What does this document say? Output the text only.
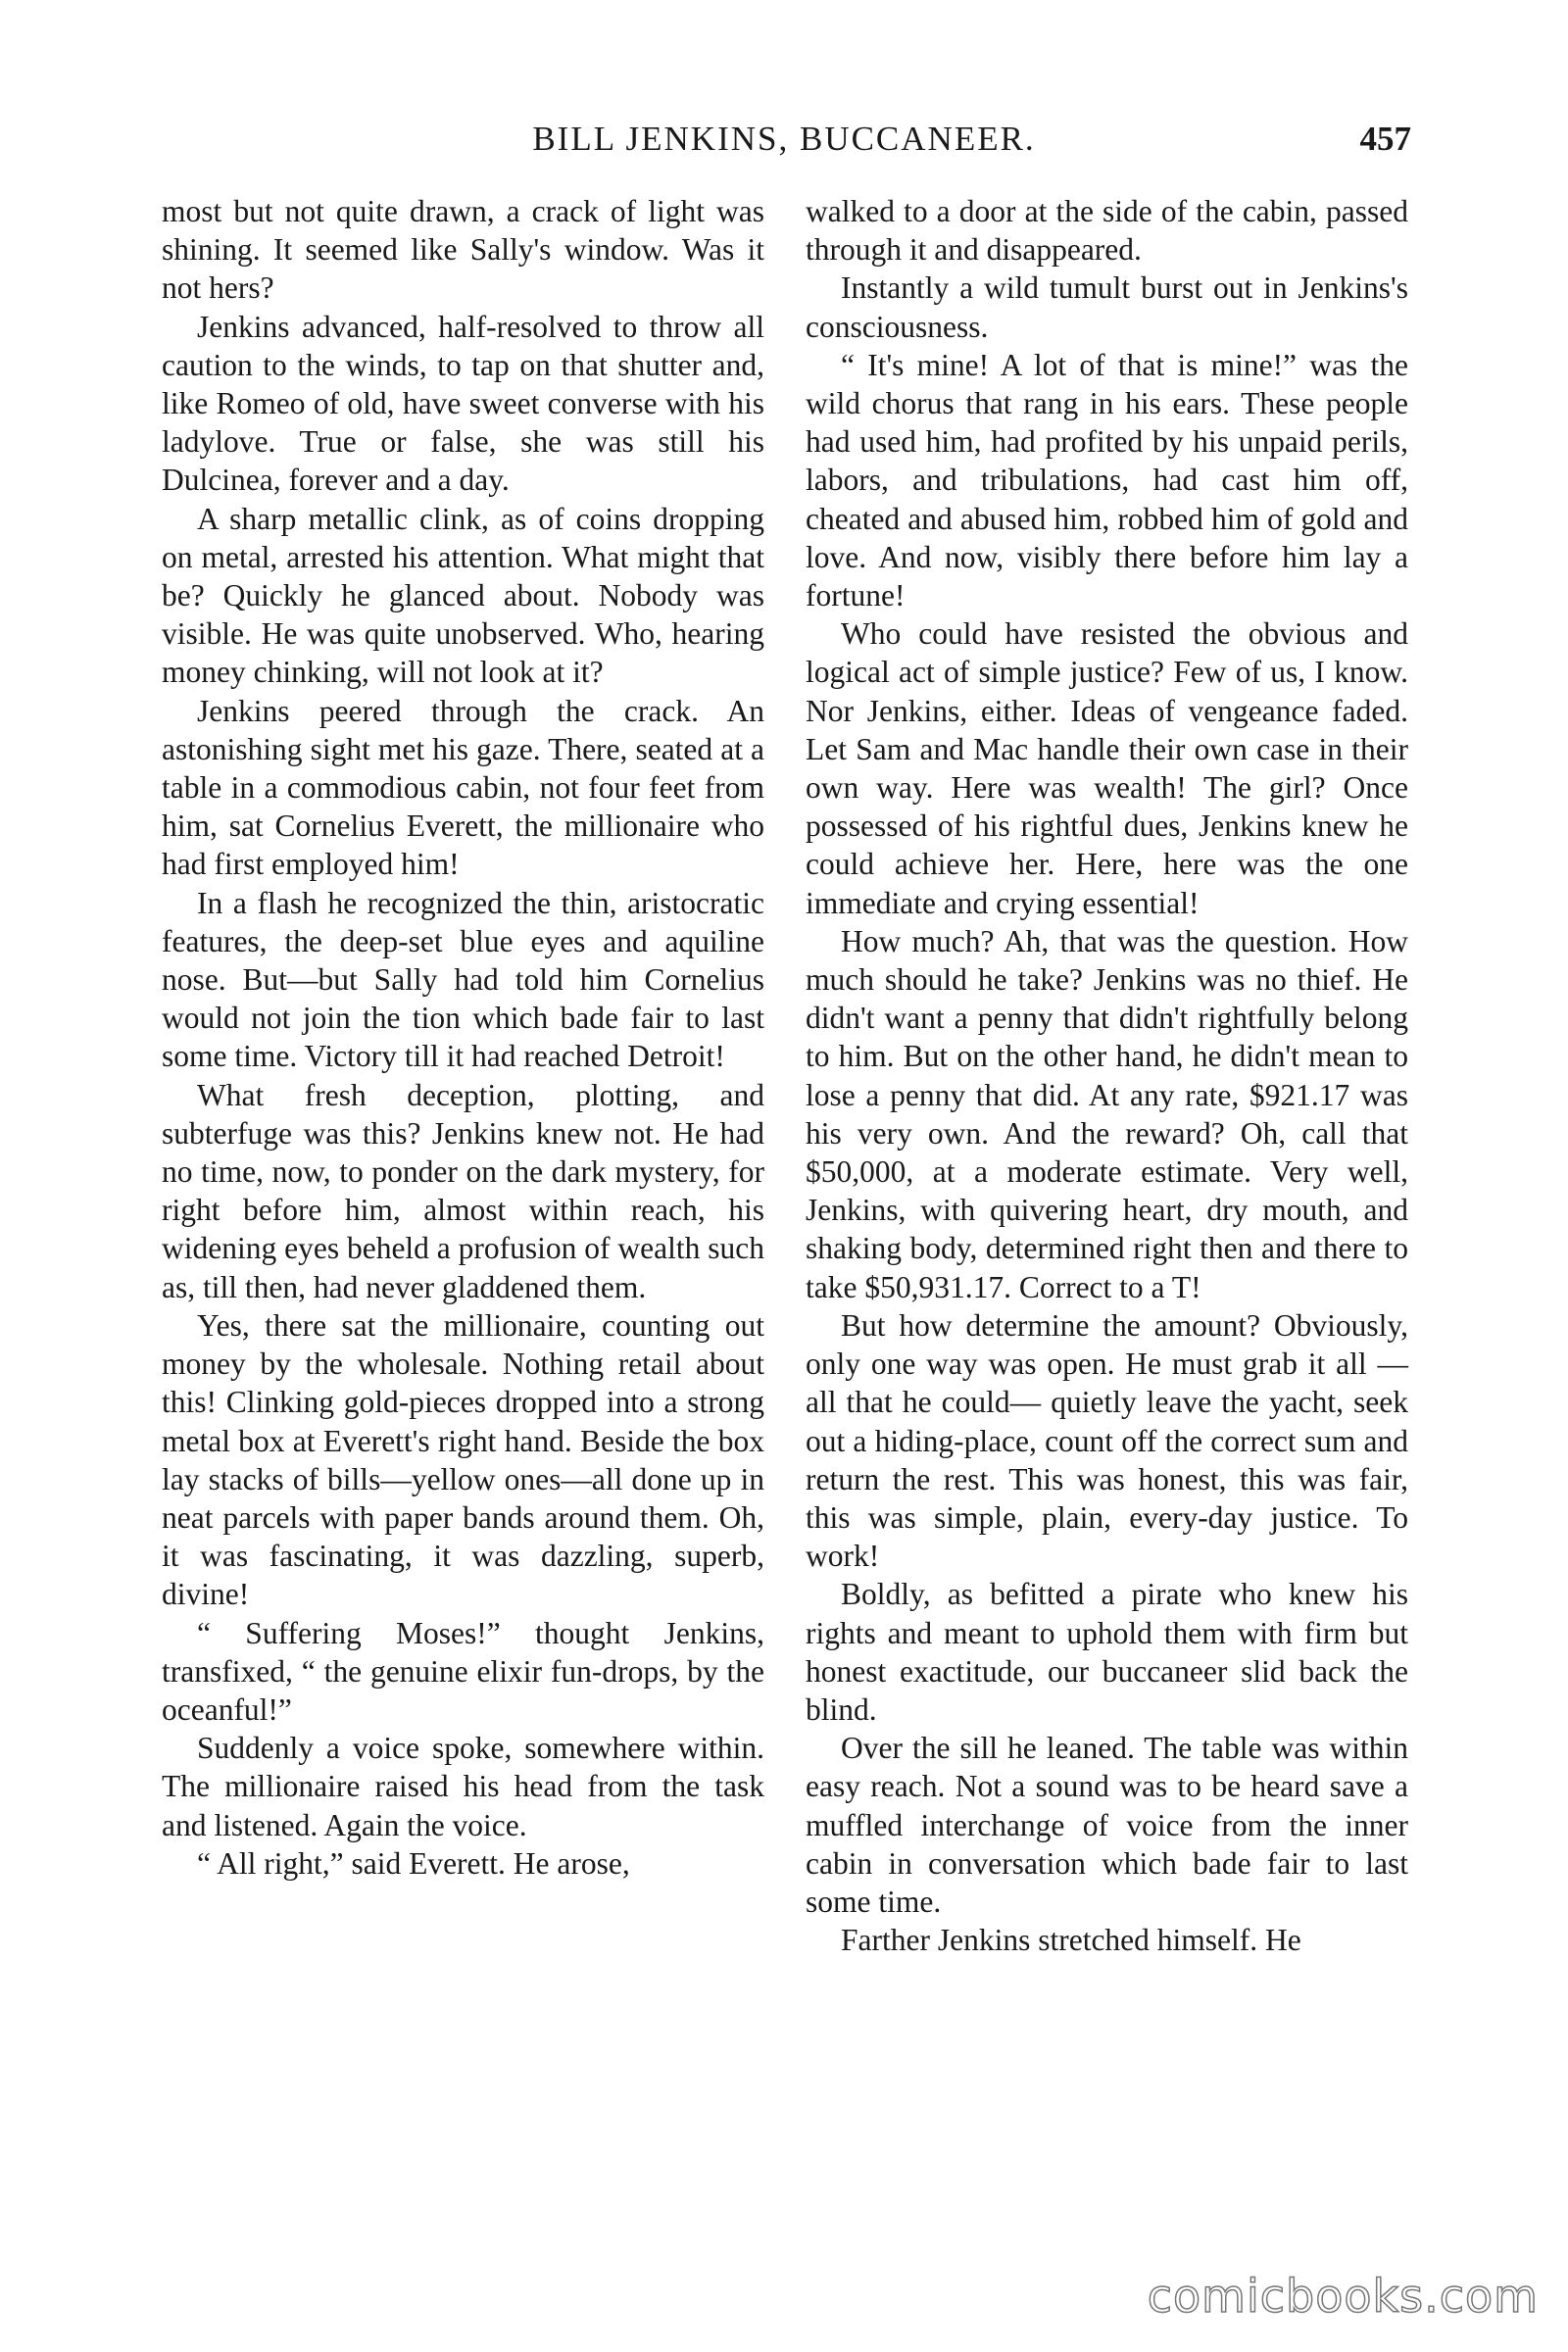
BILL JENKINS, BUCCANEER.	457

most but not quite drawn, a crack of light was shining. It seemed like Sally's window. Was it not hers?

Jenkins advanced, half-resolved to throw all caution to the winds, to tap on that shutter and, like Romeo of old, have sweet converse with his ladylove. True or false, she was still his Dulcinea, forever and a day.

A sharp metallic clink, as of coins dropping on metal, arrested his attention. What might that be? Quickly he glanced about. Nobody was visible. He was quite unobserved. Who, hearing money chinking, will not look at it?

Jenkins peered through the crack. An astonishing sight met his gaze. There, seated at a table in a commodious cabin, not four feet from him, sat Cornelius Everett, the millionaire who had first employed him!

In a flash he recognized the thin, aristocratic features, the deep-set blue eyes and aquiline nose. But—but Sally had told him Cornelius would not join the tion which bade fair to last some time. Victory till it had reached Detroit!

What fresh deception, plotting, and subterfuge was this? Jenkins knew not. He had no time, now, to ponder on the dark mystery, for right before him, almost within reach, his widening eyes beheld a profusion of wealth such as, till then, had never gladdened them.

Yes, there sat the millionaire, counting out money by the wholesale. Nothing retail about this! Clinking gold-pieces dropped into a strong metal box at Everett's right hand. Beside the box lay stacks of bills—yellow ones—all done up in neat parcels with paper bands around them. Oh, it was fascinating, it was dazzling, superb, divine!

“ Suffering Moses!” thought Jenkins, transfixed, “ the genuine elixir fun-drops, by the oceanful!”

Suddenly a voice spoke, somewhere within. The millionaire raised his head from the task and listened. Again the voice.

“ All right,” said Everett. He arose,

walked to a door at the side of the cabin, passed through it and disappeared.

Instantly a wild tumult burst out in Jenkins's consciousness.

“ It's mine! A lot of that is mine!” was the wild chorus that rang in his ears. These people had used him, had profited by his unpaid perils, labors, and tribulations, had cast him off, cheated and abused him, robbed him of gold and love. And now, visibly there before him lay a fortune!

Who could have resisted the obvious and logical act of simple justice? Few of us, I know. Nor Jenkins, either. Ideas of vengeance faded. Let Sam and Mac handle their own case in their own way. Here was wealth! The girl? Once possessed of his rightful dues, Jenkins knew he could achieve her. Here, here was the one immediate and crying essential!

How much? Ah, that was the question. How much should he take? Jenkins was no thief. He didn't want a penny that didn't rightfully belong to him. But on the other hand, he didn't mean to lose a penny that did. At any rate, $921.17 was his very own. And the reward? Oh, call that $50,000, at a moderate estimate. Very well, Jenkins, with quivering heart, dry mouth, and shaking body, determined right then and there to take $50,931.17. Correct to a T!

But how determine the amount? Obviously, only one way was open. He must grab it all — all that he could— quietly leave the yacht, seek out a hiding-place, count off the correct sum and return the rest. This was honest, this was fair, this was simple, plain, every-day justice. To work!

Boldly, as befitted a pirate who knew his rights and meant to uphold them with firm but honest exactitude, our buccaneer slid back the blind.

Over the sill he leaned. The table was within easy reach. Not a sound was to be heard save a muffled interchange of voice from the inner cabin in conversation which bade fair to last some time.

Farther Jenkins stretched himself. He

comicbooks.com
